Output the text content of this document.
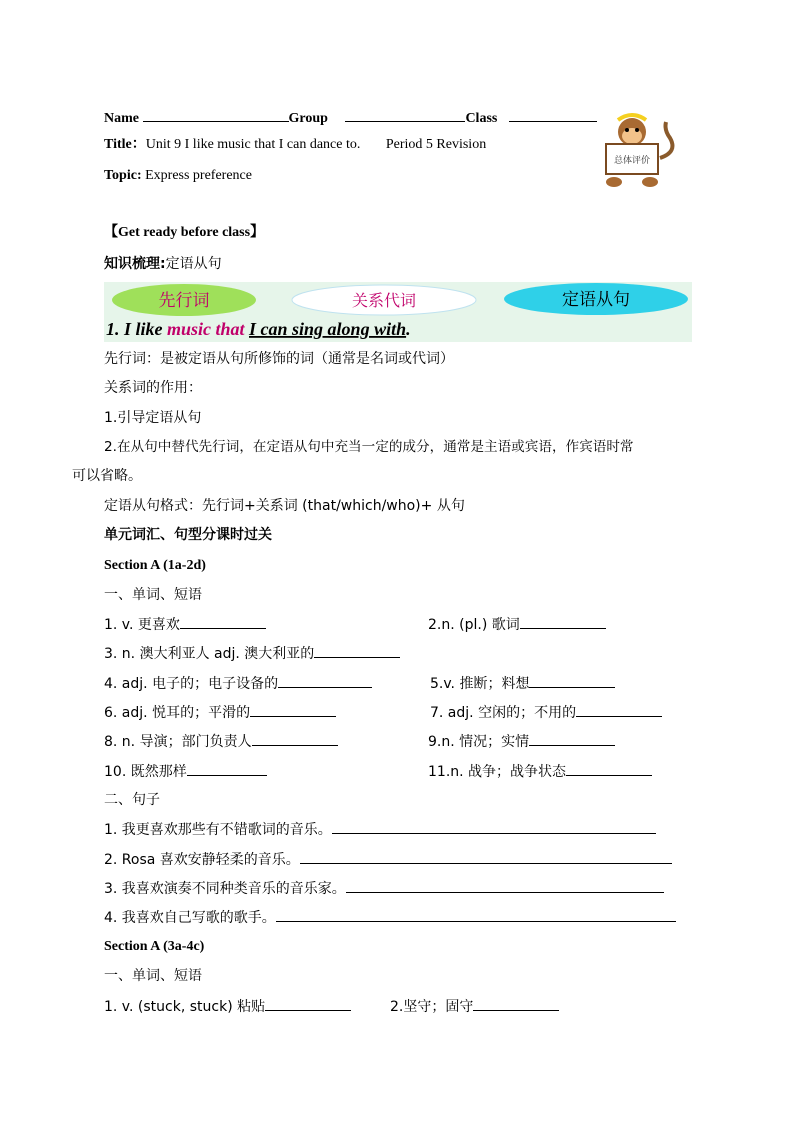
Name	Group	Class
Title：Unit 9 I like music that I can dance to. Period 5 Revision
Topic: Express preference
总体评价
【Get ready before class】
知识梳理:定语从句
先行词	关系代词	定语从句
1. I like music that I can sing along with.
先行词：是被定语从句所修饰的词（通常是名词或代词）
关系词的作用：
1.引导定语从句
2.在从句中替代先行词，在定语从句中充当一定的成分，通常是主语或宾语，作宾语时常
可以省略。
定语从句格式：先行词+关系词 (that/which/who)+ 从句
单元词汇、句型分课时过关
Section A (1a-2d)
一、单词、短语
1. v. 更喜欢	2.n. (pl.) 歌词
3. n. 澳大利亚人 adj. 澳大利亚的
4. adj. 电子的；电子设备的	5.v. 推断；料想
6. adj. 悦耳的；平滑的	7. adj. 空闲的；不用的
8. n. 导演；部门负责人	9.n. 情况；实情
10. 既然那样	11.n. 战争；战争状态
二、句子
1. 我更喜欢那些有不错歌词的音乐。
2. Rosa 喜欢安静轻柔的音乐。
3. 我喜欢演奏不同种类音乐的音乐家。
4. 我喜欢自己写歌的歌手。
Section A (3a-4c)
一、单词、短语
1. v. (stuck, stuck) 粘贴	2.坚守；固守
